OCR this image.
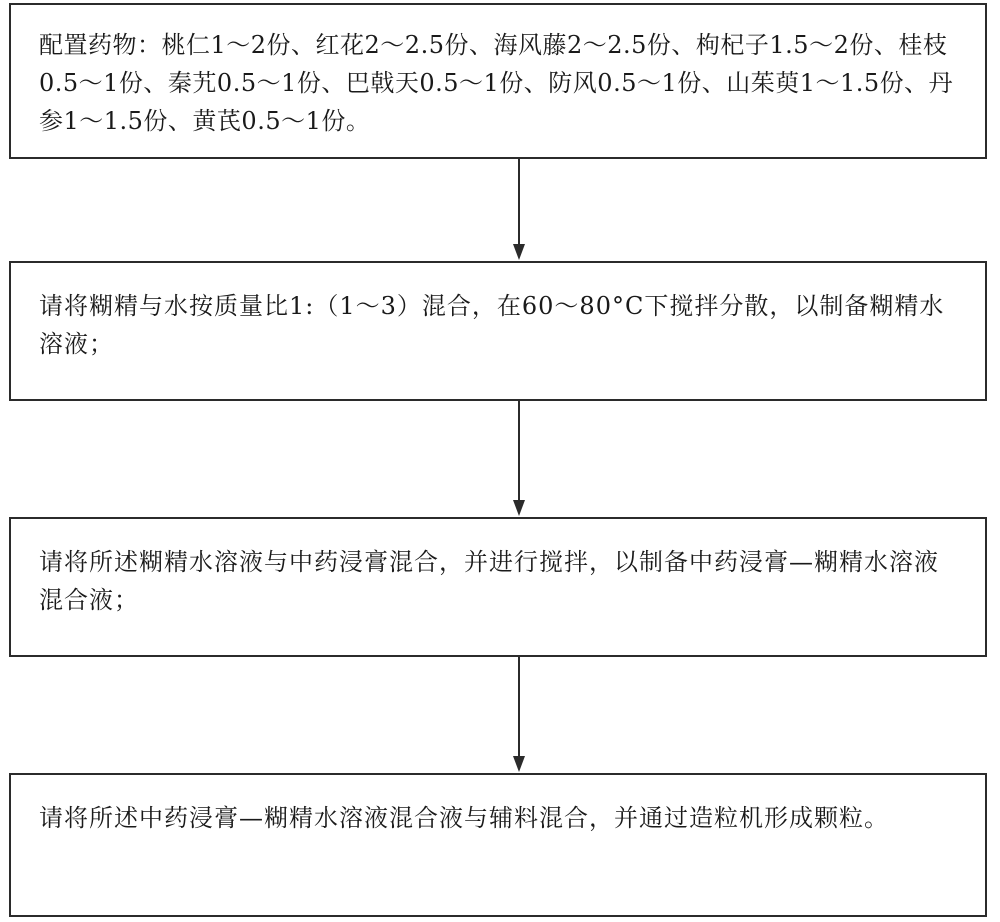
配置药物：桃仁1～2份、红花2～2.5份、海风藤2～2.5份、枸杞子1.5～2份、桂枝0.5～1份、秦艽0.5～1份、巴戟天0.5～1份、防风0.5～1份、山茱萸1～1.5份、丹参1～1.5份、黄芪0.5～1份。
请将糊精与水按质量比1:（1～3）混合，在60～80°C下搅拌分散，以制备糊精水溶液；
请将所述糊精水溶液与中药浸膏混合，并进行搅拌，以制备中药浸膏—糊精水溶液混合液；
请将所述中药浸膏—糊精水溶液混合液与辅料混合，并通过造粒机形成颗粒。
